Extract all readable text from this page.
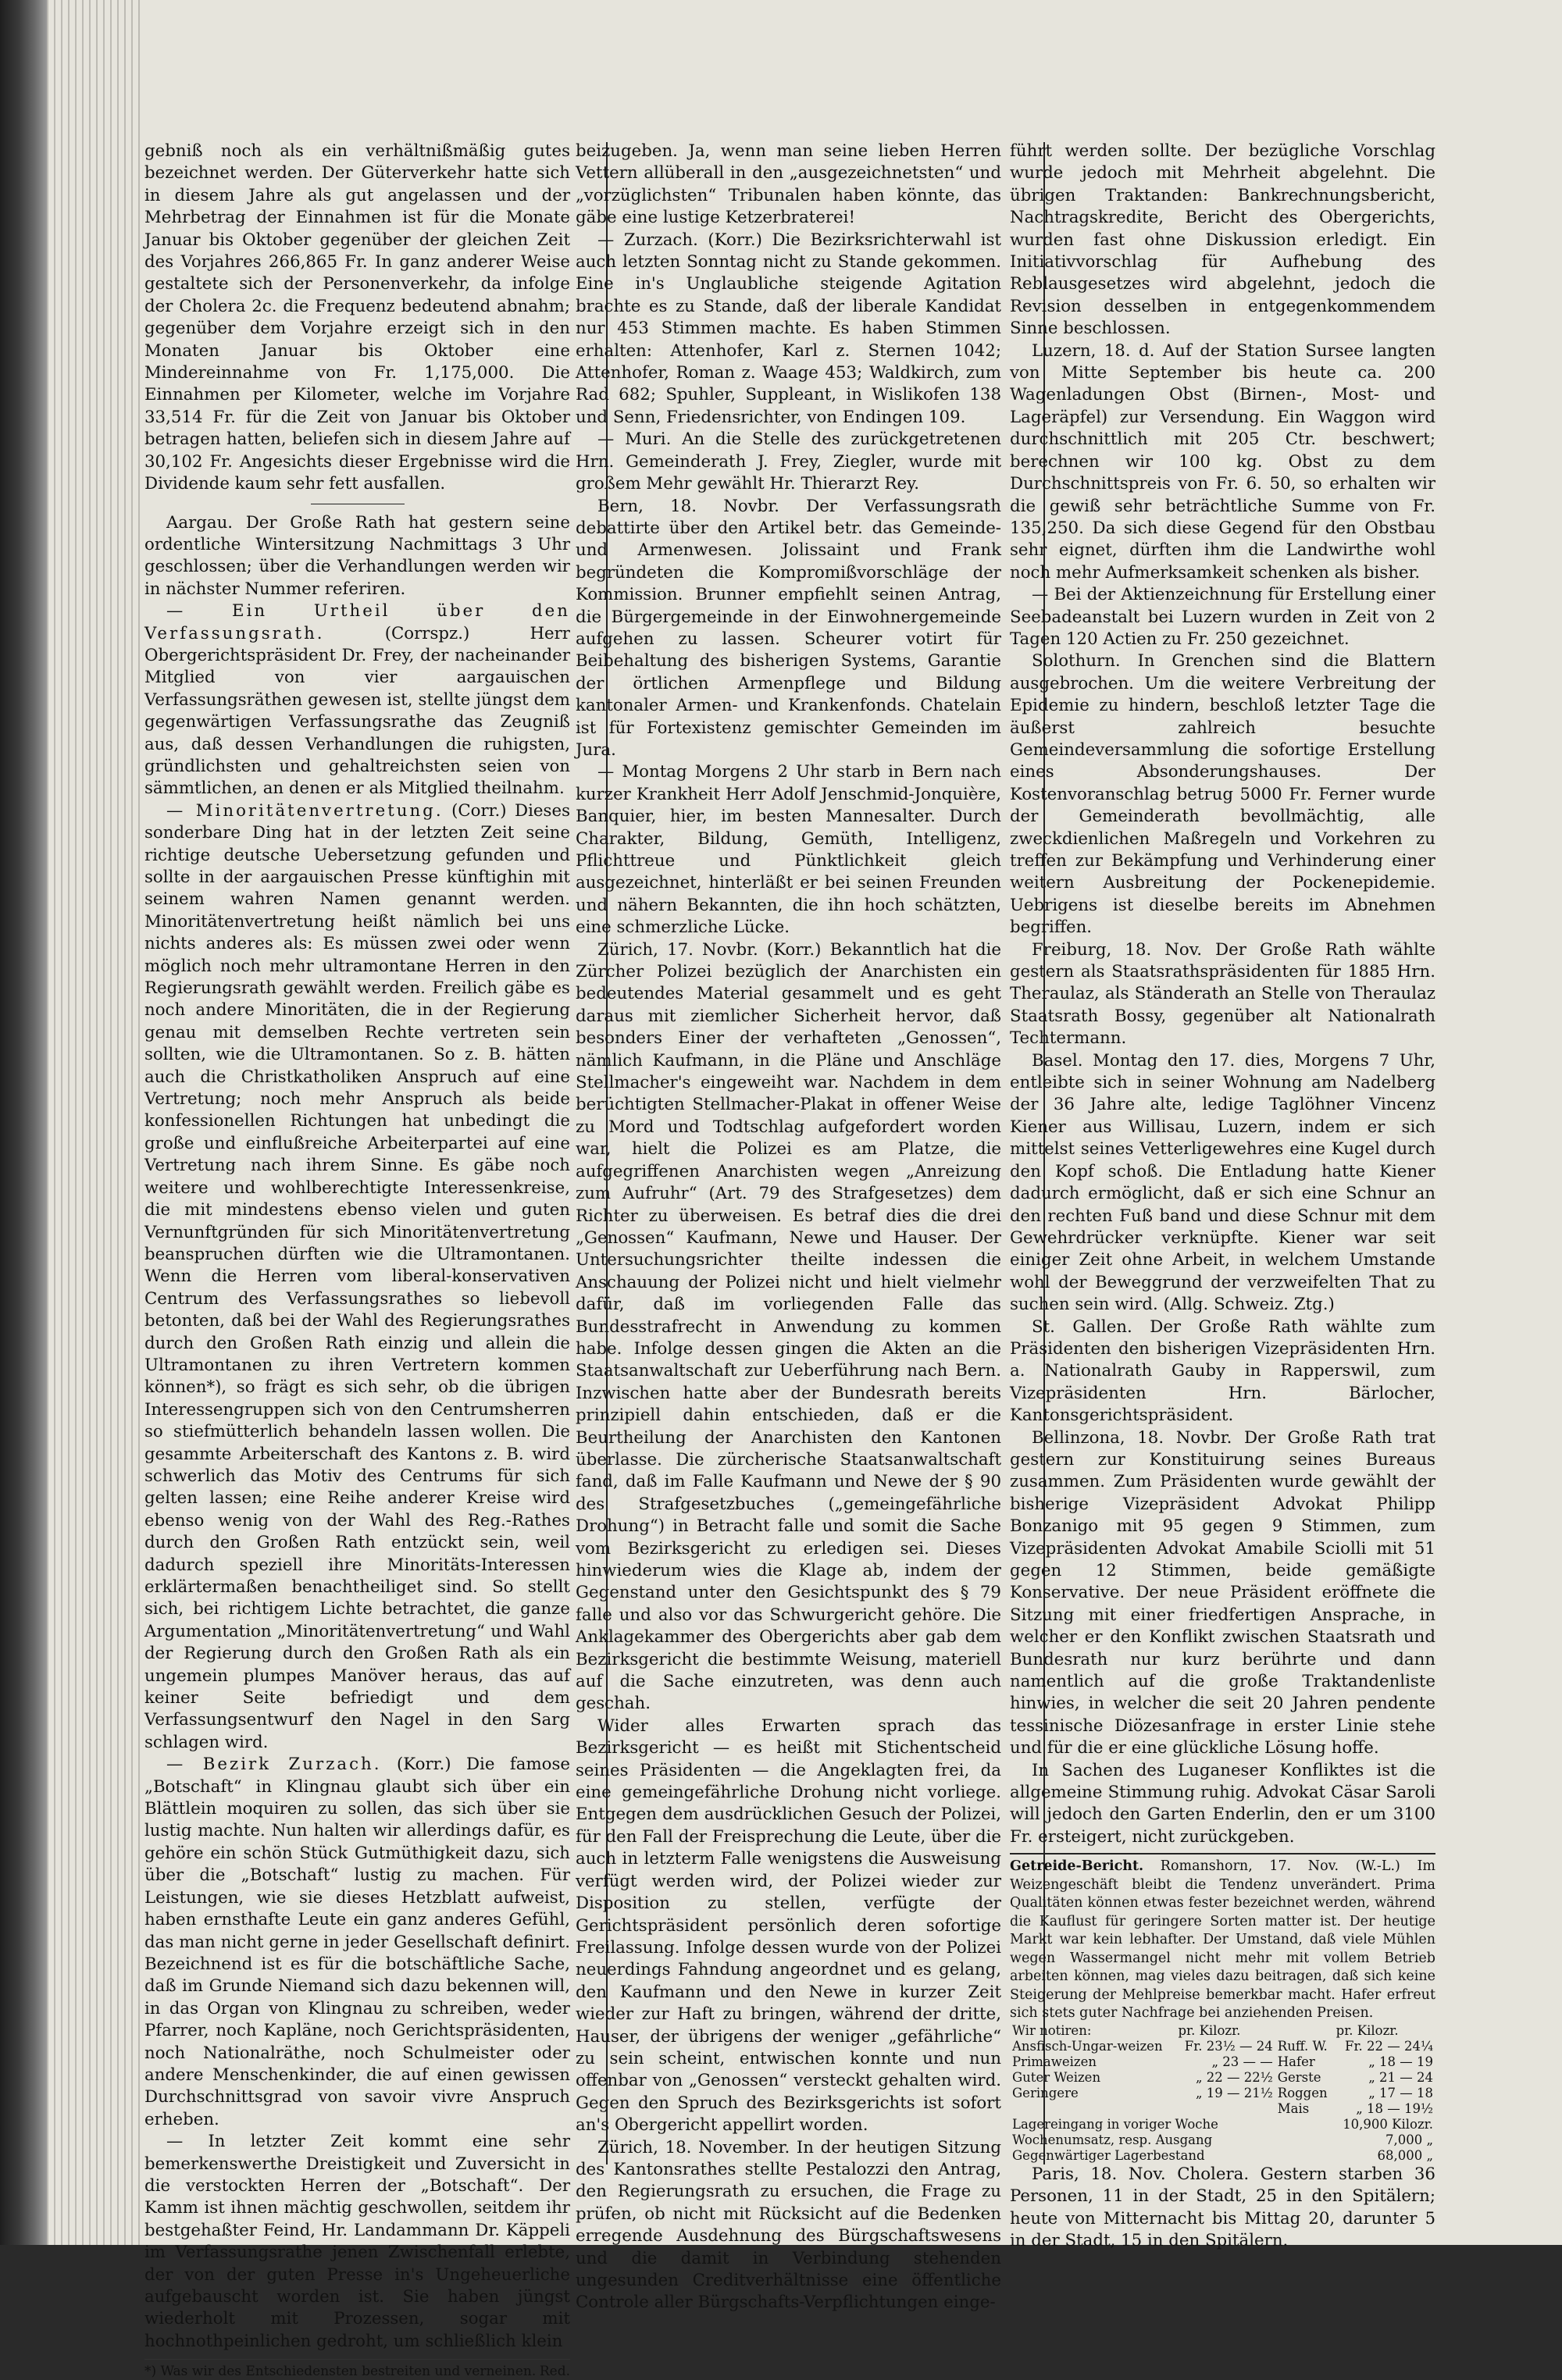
gebniß noch als ein verhältnißmäßig gutes bezeichnet werden. Der Güterverkehr hatte sich in diesem Jahre als gut angelassen und der Mehrbetrag der Einnahmen ist für die Monate Januar bis Oktober gegenüber der gleichen Zeit des Vorjahres 266,865 Fr. In ganz anderer Weise gestaltete sich der Personenverkehr, da infolge der Cholera 2c. die Frequenz bedeutend abnahm; gegenüber dem Vorjahre erzeigt sich in den Monaten Januar bis Oktober eine Mindereinnahme von Fr. 1,175,000. Die Einnahmen per Kilometer, welche im Vorjahre 33,514 Fr. für die Zeit von Januar bis Oktober betragen hatten, beliefen sich in diesem Jahre auf 30,102 Fr. Angesichts dieser Ergebnisse wird die Dividende kaum sehr fett ausfallen.

Aargau. Der Große Rath hat gestern seine ordentliche Wintersitzung Nachmittags 3 Uhr geschlossen; über die Verhandlungen werden wir in nächster Nummer referiren.

— Ein Urtheil über den Verfassungsrath.	(Corrspz.) Herr Obergerichtspräsident Dr. Frey, der nacheinander Mitglied von vier aargauischen Verfassungsräthen gewesen ist, stellte jüngst dem gegenwärtigen Verfassungsrathe das Zeugniß aus, daß dessen Verhandlungen die ruhigsten, gründlichsten und gehaltreichsten seien von sämmtlichen, an denen er als Mitglied theilnahm.

— Minoritätenvertretung. (Corr.) Dieses sonderbare Ding hat in der letzten Zeit seine richtige deutsche Uebersetzung gefunden und sollte in der aargauischen Presse künftighin mit seinem wahren Namen genannt werden. Minoritätenvertretung heißt nämlich bei uns nichts anderes als: Es müssen zwei oder wenn möglich noch mehr ultramontane Herren in den Regierungsrath gewählt werden. Freilich gäbe es noch andere Minoritäten, die in der Regierung genau mit demselben Rechte vertreten sein sollten, wie die Ultramontanen. So z. B. hätten auch die Christkatholiken Anspruch auf eine Vertretung; noch mehr Anspruch als beide konfessionellen Richtungen hat unbedingt die große und einflußreiche Arbeiterpartei auf eine Vertretung nach ihrem Sinne. Es gäbe noch weitere und wohlberechtigte Interessenkreise, die mit mindestens ebenso vielen und guten Vernunftgründen für sich Minoritätenvertretung beanspruchen dürften wie die Ultramontanen. Wenn die Herren vom liberal-konservativen Centrum des Verfassungsrathes so liebevoll betonten, daß bei der Wahl des Regierungsrathes durch den Großen Rath einzig und allein die Ultramontanen zu ihren Vertretern kommen können*), so frägt es sich sehr, ob die übrigen Interessengruppen sich von den Centrumsherren so stiefmütterlich behandeln lassen wollen. Die gesammte Arbeiterschaft des Kantons z. B. wird schwerlich das Motiv des Centrums für sich gelten lassen; eine Reihe anderer Kreise wird ebenso wenig von der Wahl des Reg.-Rathes durch den Großen Rath entzückt sein, weil dadurch speziell ihre Minoritäts-Interessen erklärtermaßen benachtheiliget sind. So stellt sich, bei richtigem Lichte betrachtet, die ganze Argumentation „Minoritätenvertretung“ und Wahl der Regierung durch den Großen Rath als ein ungemein plumpes Manöver heraus, das auf keiner Seite befriedigt und dem Verfassungsentwurf den Nagel in den Sarg schlagen wird.

— Bezirk Zurzach. (Korr.) Die famose „Botschaft“ in Klingnau glaubt sich über ein Blättlein moquiren zu sollen, das sich über sie lustig machte. Nun halten wir allerdings dafür, es gehöre ein schön Stück Gutmüthigkeit dazu, sich über die „Botschaft“ lustig zu machen. Für Leistungen, wie sie dieses Hetzblatt aufweist, haben ernsthafte Leute ein ganz anderes Gefühl, das man nicht gerne in jeder Gesellschaft definirt. Bezeichnend ist es für die botschäftliche Sache, daß im Grunde Niemand sich dazu bekennen will, in das Organ von Klingnau zu schreiben, weder Pfarrer, noch Kapläne, noch Gerichtspräsidenten, noch Nationalräthe, noch Schulmeister oder andere Menschenkinder, die auf einen gewissen Durchschnittsgrad von savoir vivre Anspruch erheben.

— In letzter Zeit kommt eine sehr bemerkenswerthe Dreistigkeit und Zuversicht in die verstockten Herren der „Botschaft“. Der Kamm ist ihnen mächtig geschwollen, seitdem ihr bestgehaßter Feind, Hr. Landammann Dr. Käppeli im Verfassungsrathe jenen Zwischenfall erlebte, der von der guten Presse in's Ungeheuerliche aufgebauscht worden ist. Sie haben jüngst wiederholt mit Prozessen, sogar mit hochnothpeinlichen gedroht, um schließlich klein

Red.
*) Was wir des Entschiedensten bestreiten und verneinen.

beizugeben. Ja, wenn man seine lieben Herren Vettern allüberall in den „ausgezeichnetsten“ und „vorzüglichsten“ Tribunalen haben könnte, das gäbe eine lustige Ketzerbraterei!

— Zurzach. (Korr.) Die Bezirksrichterwahl ist auch letzten Sonntag nicht zu Stande gekommen. Eine in's Unglaubliche steigende Agitation brachte es zu Stande, daß der liberale Kandidat nur 453 Stimmen machte. Es haben Stimmen erhalten: Attenhofer, Karl z. Sternen 1042; Attenhofer, Roman z. Waage 453; Waldkirch, zum Rad 682; Spuhler, Suppleant, in Wislikofen 138 und Senn, Friedensrichter, von Endingen 109.

— Muri. An die Stelle des zurückgetretenen Hrn. Gemeinderath J. Frey, Ziegler, wurde mit großem Mehr gewählt Hr. Thierarzt Rey.

Bern, 18. Novbr. Der Verfassungsrath debattirte über den Artikel betr. das Gemeinde- und Armenwesen. Jolissaint und Frank begründeten die Kompromißvorschläge der Kommission. Brunner empfiehlt seinen Antrag, die Bürgergemeinde in der Einwohnergemeinde aufgehen zu lassen. Scheurer votirt für Beibehaltung des bisherigen Systems, Garantie der örtlichen Armenpflege und Bildung kantonaler Armen- und Krankenfonds. Chatelain ist für Fortexistenz gemischter Gemeinden im Jura.

— Montag Morgens 2 Uhr starb in Bern nach kurzer Krankheit Herr Adolf Jenschmid-Jonquière, Banquier, hier, im besten Mannesalter. Durch Charakter, Bildung, Gemüth, Intelligenz, Pflichttreue und Pünktlichkeit gleich ausgezeichnet, hinterläßt er bei seinen Freunden und nähern Bekannten, die ihn hoch schätzten, eine schmerzliche Lücke.

Zürich, 17. Novbr. (Korr.) Bekanntlich hat die Zürcher Polizei bezüglich der Anarchisten ein bedeutendes Material gesammelt und es geht daraus mit ziemlicher Sicherheit hervor, daß besonders Einer der verhafteten „Genossen“, nämlich Kaufmann, in die Pläne und Anschläge Stellmacher's eingeweiht war. Nachdem in dem berüchtigten Stellmacher-Plakat in offener Weise zu Mord und Todtschlag aufgefordert worden war, hielt die Polizei es am Platze, die aufgegriffenen Anarchisten wegen „Anreizung zum Aufruhr“ (Art. 79 des Strafgesetzes) dem Richter zu überweisen. Es betraf dies die drei „Genossen“ Kaufmann, Newe und Hauser. Der Untersuchungsrichter theilte indessen die Anschauung der Polizei nicht und hielt vielmehr dafür, daß im vorliegenden Falle das Bundesstrafrecht in Anwendung zu kommen habe. Infolge dessen gingen die Akten an die Staatsanwaltschaft zur Ueberführung nach Bern. Inzwischen hatte aber der Bundesrath bereits prinzipiell dahin entschieden, daß er die Beurtheilung der Anarchisten den Kantonen überlasse. Die zürcherische Staatsanwaltschaft fand, daß im Falle Kaufmann und Newe der § 90 des Strafgesetzbuches („gemeingefährliche Drohung“) in Betracht falle und somit die Sache vom Bezirksgericht zu erledigen sei. Dieses hinwiederum wies die Klage ab, indem der Gegenstand unter den Gesichtspunkt des § 79 falle und also vor das Schwurgericht gehöre. Die Anklagekammer des Obergerichts aber gab dem Bezirksgericht die bestimmte Weisung, materiell auf die Sache einzutreten, was denn auch geschah.

Wider alles Erwarten sprach das Bezirksgericht — es heißt mit Stichentscheid seines Präsidenten — die Angeklagten frei, da eine gemeingefährliche Drohung nicht vorliege. Entgegen dem ausdrücklichen Gesuch der Polizei, für den Fall der Freisprechung die Leute, über die auch in letzterm Falle wenigstens die Ausweisung verfügt werden wird, der Polizei wieder zur Disposition zu stellen, verfügte der Gerichtspräsident persönlich deren sofortige Freilassung. Infolge dessen wurde von der Polizei neuerdings Fahndung angeordnet und es gelang, den Kaufmann und den Newe in kurzer Zeit wieder zur Haft zu bringen, während der dritte, Hauser, der übrigens der weniger „gefährliche“ zu sein scheint, entwischen konnte und nun offenbar von „Genossen“ versteckt gehalten wird. Gegen den Spruch des Bezirksgerichts ist sofort an's Obergericht appellirt worden.

Zürich, 18. November. In der heutigen Sitzung des Kantonsrathes stellte Pestalozzi den Antrag, den Regierungsrath zu ersuchen, die Frage zu prüfen, ob nicht mit Rücksicht auf die Bedenken erregende Ausdehnung des Bürgschaftswesens und die damit in Verbindung stehenden ungesunden Creditverhältnisse eine öffentliche Controle aller Bürgschafts-Verpflichtungen einge-

führt werden sollte. Der bezügliche Vorschlag wurde jedoch mit Mehrheit abgelehnt. Die übrigen Traktanden: Bankrechnungsbericht, Nachtragskredite, Bericht des Obergerichts, wurden fast ohne Diskussion erledigt. Ein Initiativvorschlag für Aufhebung des Reblausgesetzes wird abgelehnt, jedoch die Revision desselben in entgegenkommendem Sinne beschlossen.

Luzern, 18. d. Auf der Station Sursee langten von Mitte September bis heute ca. 200 Wagenladungen Obst (Birnen-, Most- und Lageräpfel) zur Versendung. Ein Waggon wird durchschnittlich mit 205 Ctr. beschwert; berechnen wir 100 kg. Obst zu dem Durchschnittspreis von Fr. 6. 50, so erhalten wir die gewiß sehr beträchtliche Summe von Fr. 135,250. Da sich diese Gegend für den Obstbau sehr eignet, dürften ihm die Landwirthe wohl noch mehr Aufmerksamkeit schenken als bisher.

— Bei der Aktienzeichnung für Erstellung einer Seebadeanstalt bei Luzern wurden in Zeit von 2 Tagen 120 Actien zu Fr. 250 gezeichnet.

Solothurn. In Grenchen sind die Blattern ausgebrochen. Um die weitere Verbreitung der Epidemie zu hindern, beschloß letzter Tage die äußerst zahlreich besuchte Gemeindeversammlung die sofortige Erstellung eines Absonderungshauses. Der Kostenvoranschlag betrug 5000 Fr. Ferner wurde der Gemeinderath bevollmächtig, alle zweckdienlichen Maßregeln und Vorkehren zu treffen zur Bekämpfung und Verhinderung einer weitern Ausbreitung der Pockenepidemie. Uebrigens ist dieselbe bereits im Abnehmen begriffen.

Freiburg, 18. Nov. Der Große Rath wählte gestern als Staatsrathspräsidenten für 1885 Hrn. Theraulaz, als Ständerath an Stelle von Theraulaz Staatsrath Bossy, gegenüber alt Nationalrath Techtermann.

Basel. Montag den 17. dies, Morgens 7 Uhr, entleibte sich in seiner Wohnung am Nadelberg der 36 Jahre alte, ledige Taglöhner Vincenz Kiener aus Willisau, Luzern, indem er sich mittelst seines Vetterligewehres eine Kugel durch den Kopf schoß. Die Entladung hatte Kiener dadurch ermöglicht, daß er sich eine Schnur an den rechten Fuß band und diese Schnur mit dem Gewehrdrücker verknüpfte. Kiener war seit einiger Zeit ohne Arbeit, in welchem Umstande wohl der Beweggrund der verzweifelten That zu suchen sein wird. (Allg. Schweiz. Ztg.)

St. Gallen. Der Große Rath wählte zum Präsidenten den bisherigen Vizepräsidenten Hrn. a. Nationalrath Gauby in Rapperswil, zum Vizepräsidenten Hrn. Bärlocher, Kantonsgerichtspräsident.

Bellinzona, 18. Novbr. Der Große Rath trat gestern zur Konstituirung seines Bureaus zusammen. Zum Präsidenten wurde gewählt der bisherige Vizepräsident Advokat Philipp Bonzanigo mit 95 gegen 9 Stimmen, zum Vizepräsidenten Advokat Amabile Sciolli mit 51 gegen 12 Stimmen, beide gemäßigte Konservative. Der neue Präsident eröffnete die Sitzung mit einer friedfertigen Ansprache, in welcher er den Konflikt zwischen Staatsrath und Bundesrath nur kurz berührte und dann namentlich auf die große Traktandenliste hinwies, in welcher die seit 20 Jahren pendente tessinische Diözesanfrage in erster Linie stehe und für die er eine glückliche Lösung hoffe.

In Sachen des Luganeser Konfliktes ist die allgemeine Stimmung ruhig. Advokat Cäsar Saroli will jedoch den Garten Enderlin, den er um 3100 Fr. ersteigert, nicht zurückgeben.

Getreide-Bericht. Romanshorn, 17. Nov. (W.-L.) Im Weizengeschäft bleibt die Tendenz unverändert. Prima Qualitäten können etwas fester bezeichnet werden, während die Kauflust für geringere Sorten matter ist. Der heutige Markt war kein lebhafter. Der Umstand, daß viele Mühlen wegen Wassermangel nicht mehr mit vollem Betrieb arbeiten können, mag vieles dazu beitragen, daß sich keine Steigerung der Mehlpreise bemerkbar macht. Hafer erfreut sich stets guter Nachfrage bei anziehenden Preisen.
Wir notiren:	pr. Kilozr.		pr. Kilozr.
Ansfisch-Ungar-weizen	Fr. 23½ — 24	Ruff. W.	Fr. 22 — 24¼
Primaweizen	„ 23 — —	Hafer	„ 18 — 19
Guter Weizen	„ 22 — 22½	Gerste	„ 21 — 24
Geringere	„ 19 — 21½	Roggen	„ 17 — 18
		Mais	„ 18 — 19½
Lagereingang in voriger Woche			10,900 Kilozr.
Wochenumsatz, resp. Ausgang			7,000 „
Gegenwärtiger Lagerbestand			68,000 „

Paris, 18. Nov. Cholera. Gestern starben 36 Personen, 11 in der Stadt, 25 in den Spitälern; heute von Mitternacht bis Mittag 20, darunter 5 in der Stadt, 15 in den Spitälern.
